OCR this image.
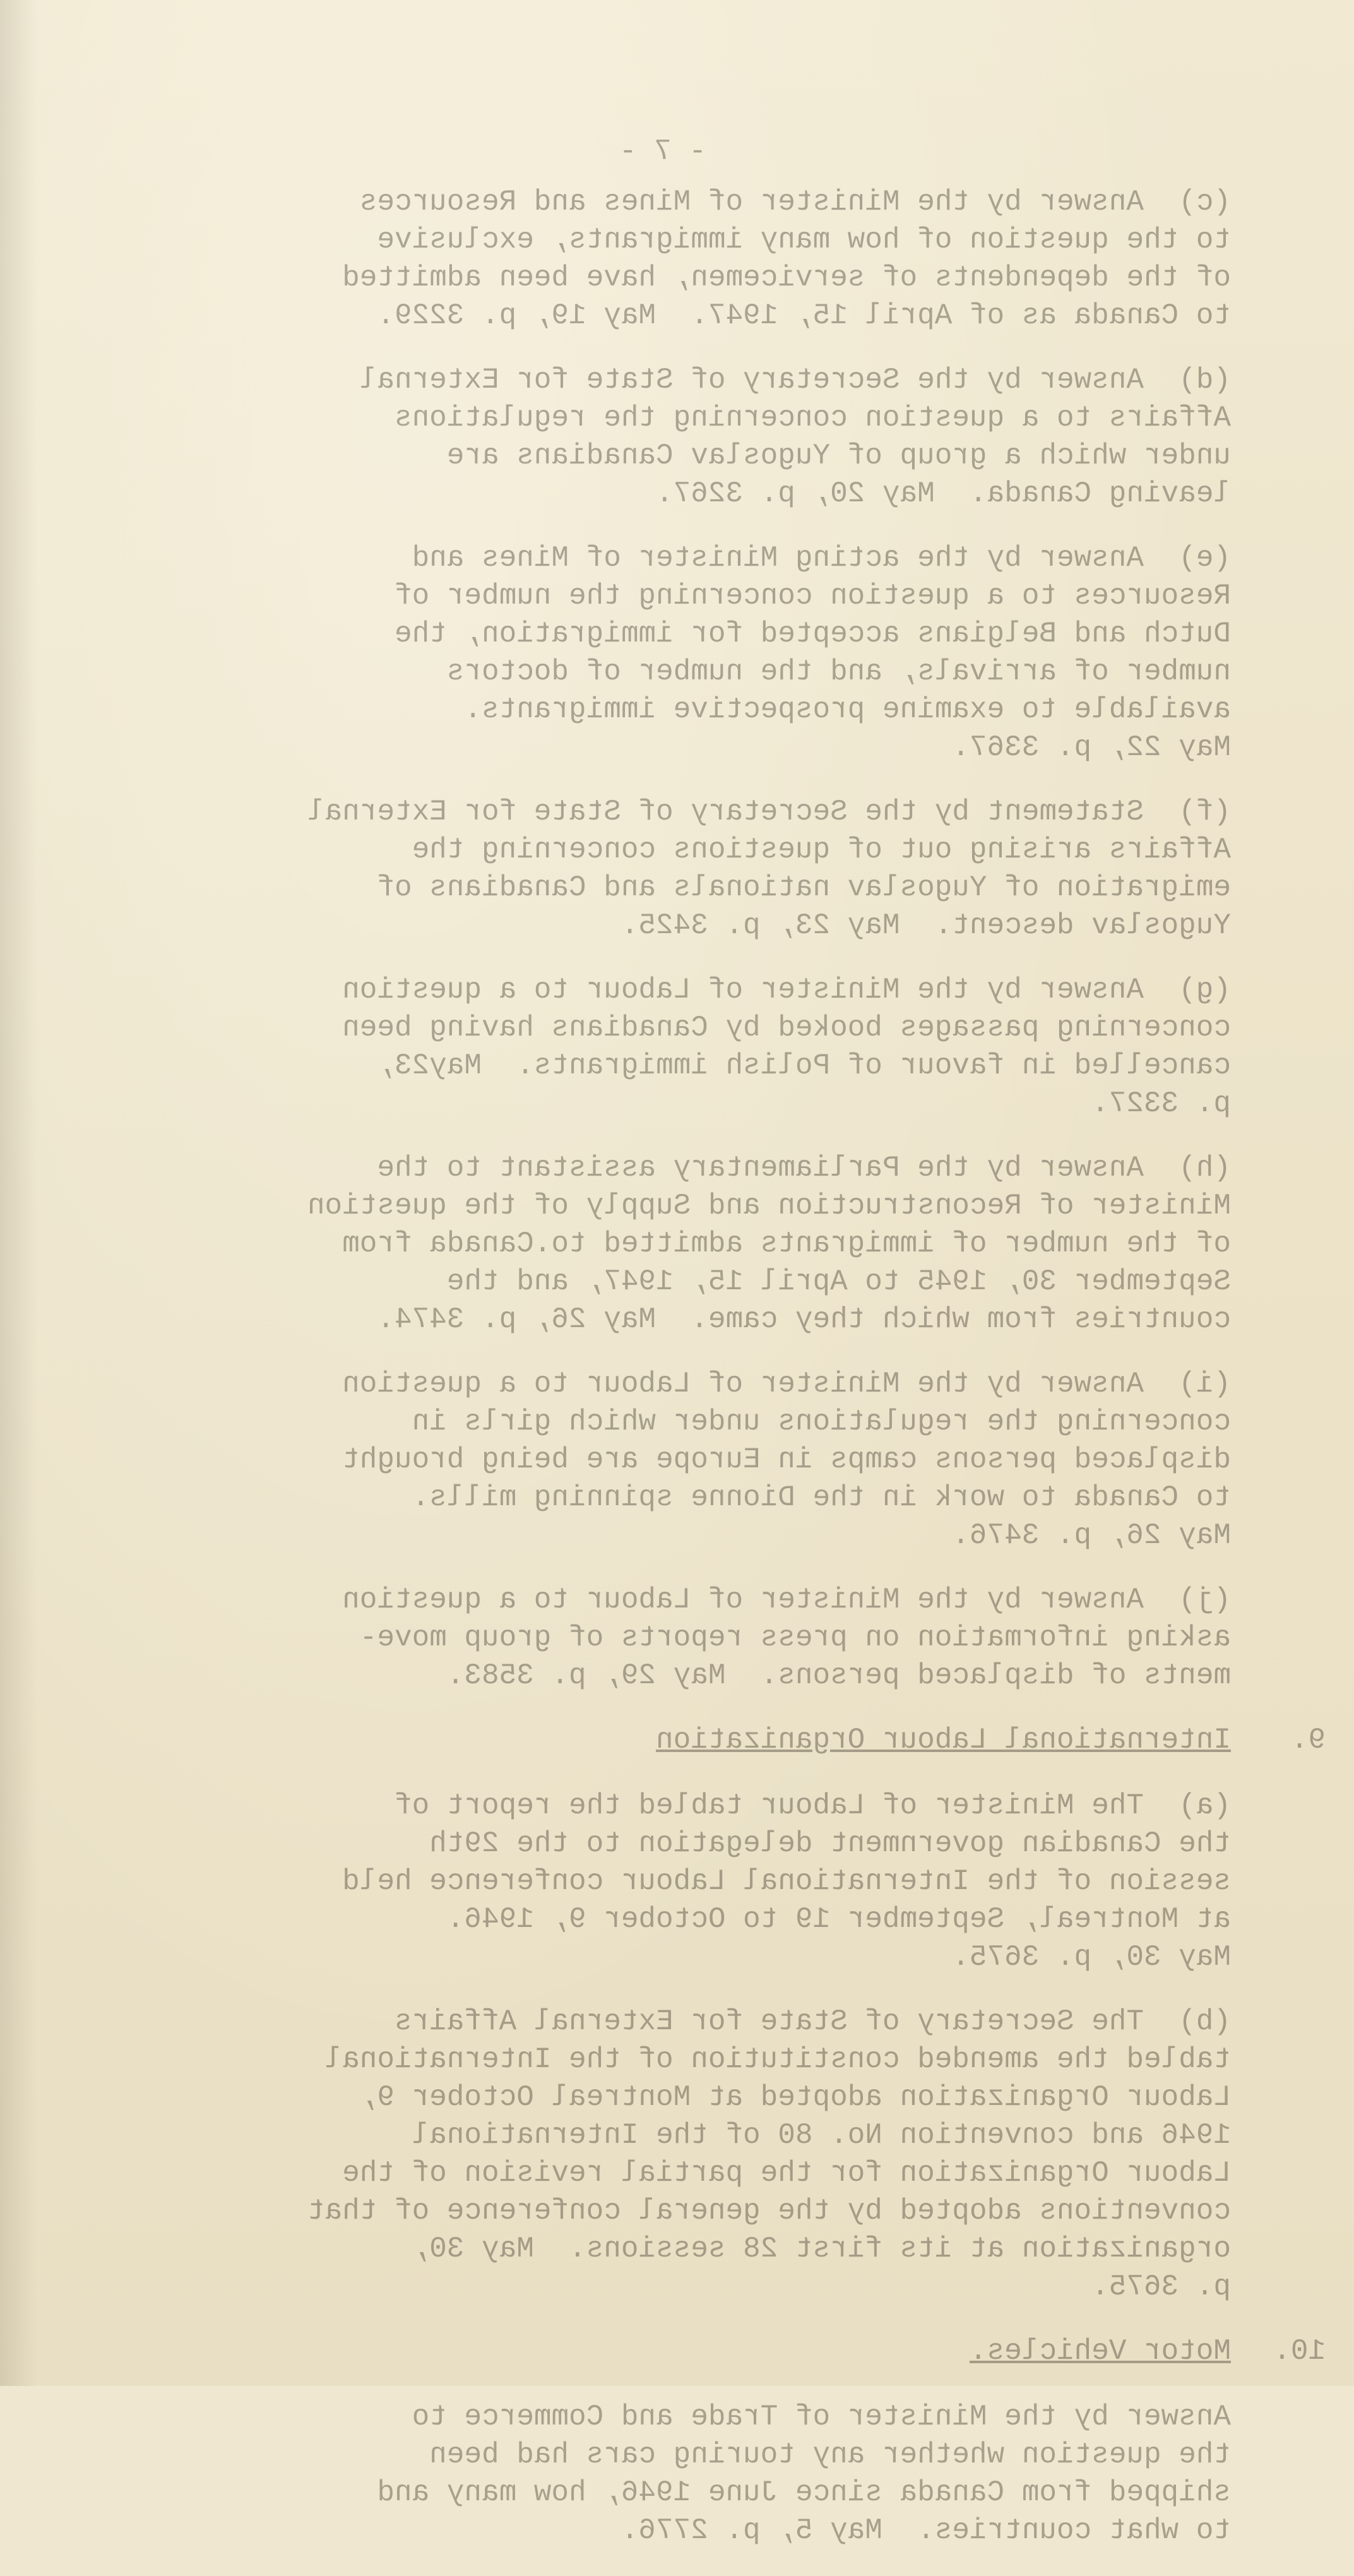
- 7 -
(c)  Answer by the Minister of Mines and Resources
to the question of how many immigrants, exclusive
of the dependents of servicemen, have been admitted
to Canada as of April 15, 1947.  May 19, p. 3229.
(d)  Answer by the Secretary of State for External
Affairs to a question concerning the regulations
under which a group of Yugoslav Canadians are
leaving Canada.  May 20, p. 3267.
(e)  Answer by the acting Minister of Mines and
Resources to a question concerning the number of
Dutch and Belgians accepted for immigration, the
number of arrivals, and the number of doctors
available to examine prospective immigrants.
May 22, p. 3367.
(f)  Statement by the Secretary of State for External
Affairs arising out of questions concerning the
emigration of Yugoslav nationals and Canadians of
Yugoslav descent.  May 23, p. 3425.
(g)  Answer by the Minister of Labour to a question
concerning passages booked by Canadians having been
cancelled in favour of Polish immigrants.  May23,
p. 3327.
(h)  Answer by the Parliamentary assistant to the
Minister of Reconstruction and Supply of the question
of the number of immigrants admitted to.Canada from
September 30, 1945 to April 15, 1947, and the
countries from which they came.  May 26, p. 3474.
(i)  Answer by the Minister of Labour to a question
concerning the regulations under which girls in
displaced persons camps in Europe are being brought
to Canada to work in the Dionne spinning mills.
May 26, p. 3476.
(j)  Answer by the Minister of Labour to a question
asking information on press reports of group move-
ments of displaced persons.  May 29, p. 3583.
9.
International Labour Organization
(a)  The Minister of Labour tabled the report of
the Canadian government delegation to the 29th
session of the International Labour conference held
at Montreal, September 19 to October 9, 1946.
May 30, p. 3675.
(b)  The Secretary of State for External Affairs
tabled the amended constitution of the International
Labour Organization adopted at Montreal October 9,
1946 and convention No. 80 of the International
Labour Organization for the partial revision of the
conventions adopted by the general conference of that
organization at its first 28 sessions.  May 30,
p. 3675.
10.
Motor Vehicles.
Answer by the Minister of Trade and Commerce to
the question whether any touring cars had been
shipped from Canada since June 1946, how many and
to what countries.  May 5, p. 2776.
